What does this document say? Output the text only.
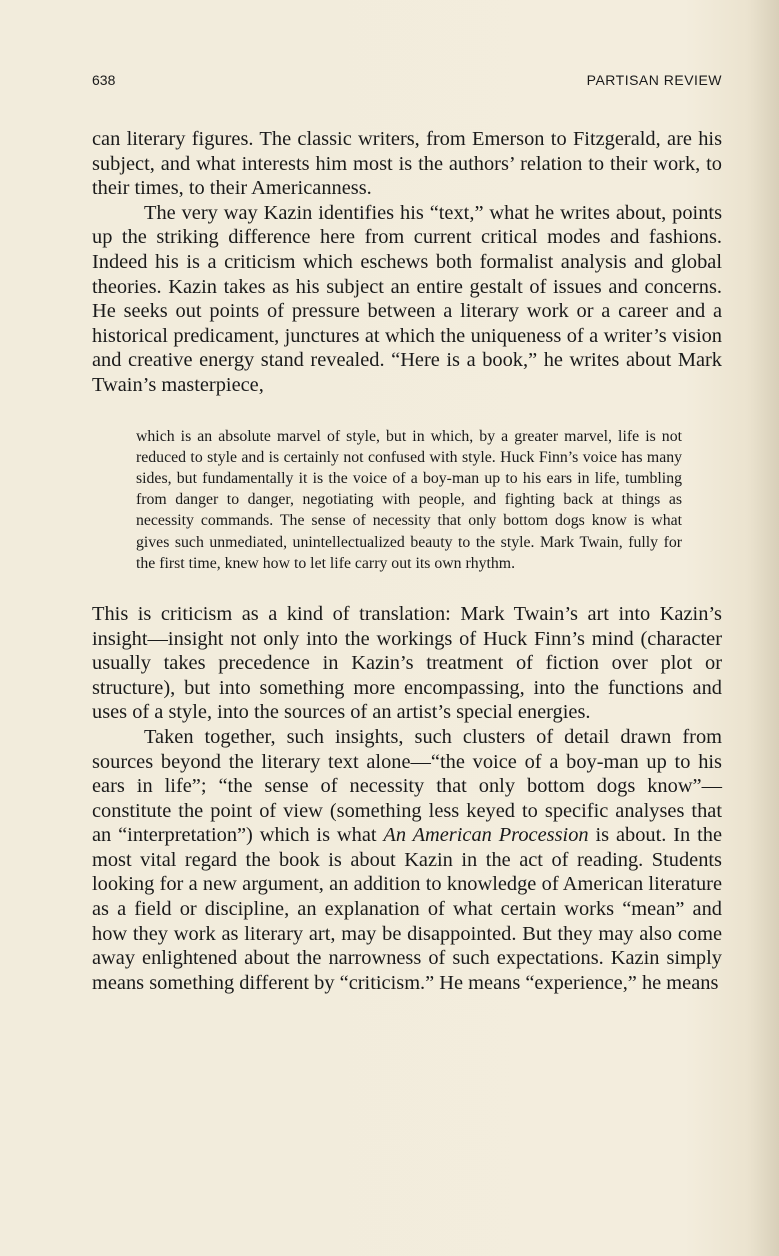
638	PARTISAN REVIEW

can literary figures. The classic writers, from Emerson to Fitzgerald, are his subject, and what interests him most is the authors’ relation to their work, to their times, to their Americanness.

The very way Kazin identifies his “text,” what he writes about, points up the striking difference here from current critical modes and fashions. Indeed his is a criticism which eschews both formalist analysis and global theories. Kazin takes as his subject an entire gestalt of issues and concerns. He seeks out points of pressure between a literary work or a career and a historical predicament, junctures at which the uniqueness of a writer’s vision and creative energy stand revealed. “Here is a book,” he writes about Mark Twain’s masterpiece,

which is an absolute marvel of style, but in which, by a greater marvel, life is not reduced to style and is certainly not confused with style. Huck Finn’s voice has many sides, but fundamentally it is the voice of a boy-man up to his ears in life, tumbling from danger to danger, negotiating with people, and fighting back at things as necessity commands. The sense of necessity that only bottom dogs know is what gives such unmediated, unintellectualized beauty to the style. Mark Twain, fully for the first time, knew how to let life carry out its own rhythm.

This is criticism as a kind of translation: Mark Twain’s art into Kazin’s insight—insight not only into the workings of Huck Finn’s mind (character usually takes precedence in Kazin’s treatment of fiction over plot or structure), but into something more encompassing, into the functions and uses of a style, into the sources of an artist’s special energies.

Taken together, such insights, such clusters of detail drawn from sources beyond the literary text alone—“the voice of a boy-man up to his ears in life”; “the sense of necessity that only bottom dogs know”—constitute the point of view (something less keyed to specific analyses that an “interpretation”) which is what An American Procession is about. In the most vital regard the book is about Kazin in the act of reading. Students looking for a new argument, an addition to knowledge of American literature as a field or discipline, an explanation of what certain works “mean” and how they work as literary art, may be disappointed. But they may also come away enlightened about the narrowness of such expectations. Kazin simply means something different by “criticism.” He means “experience,” he means
